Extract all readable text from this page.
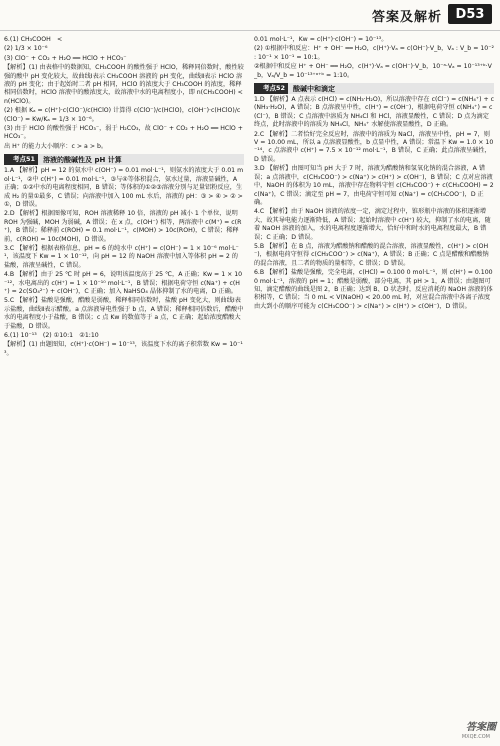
答案及解析	D53

6.(1) CH₃COOH　<　

(2) 1/3 × 10⁻⁶

(3) ClO⁻ + CO₂ + H₂O ══ HClO + HCO₃⁻

【解析】(1) 由表格中的数据知，CH₃COOH 的酸性强于 HClO，稀释同倍数时，酸性较强的酸中 pH 变化较大，故曲线Ⅰ表示 CH₃COOH 溶液的 pH 变化，曲线Ⅱ表示 HClO 溶液的 pH 变化；由于起始时二者 pH 相同，HClO 的浓度大于 CH₃COOH 的浓度，稀释相同倍数时，HClO 溶液中的酸浓度大，故溶液中水的电离程度小，即 n(CH₃COOH) < n(HClO)。

(2) 根据 Kₐ = c(H⁺)·c(ClO⁻)/c(HClO) 计算得 c(ClO⁻)/c(HClO)，c(OH⁻)·c(HClO)/c(ClO⁻) = Kw/Kₐ = 1/3 × 10⁻⁶。

(3) 由于 HClO 的酸性强于 HCO₃⁻，弱于 H₂CO₃，故 ClO⁻ + CO₂ + H₂O ══ HClO + HCO₃⁻。

出 H⁺ 的能力大小顺序：c > a > b。

考点51	溶液的酸碱性及 pH 计算

1.A 【解析】pH = 12 的氨水中 c(OH⁻) = 0.01 mol·L⁻¹，则氨水的浓度大于 0.01 mol·L⁻¹，②中 c(H⁺) = 0.01 mol·L⁻¹，③与④等体积混合，氨水过量，溶液显碱性，A 正确；①②中水的电离程度相同，B 错误；等体积的①②③溶液分别与足量铝粉反应，生成 H₂ 的量①最多，C 错误；向溶液中加入 100 mL 水后，溶液的 pH：③ > ④ > ② > ①，D 错误。

2.D 【解析】根据图像可知，ROH 溶液稀释 10 倍，溶液的 pH 减小 1 个单位，说明 ROH 为强碱，MOH 为弱碱，A 错误；在 x 点，c(OH⁻) 相等，两溶液中 c(M⁺) = c(R⁺)，B 错误；稀释前 c(ROH) = 0.1 mol·L⁻¹，c(MOH) > 10c(ROH)，C 错误；稀释前，c(ROH) = 10c(MOH)，D 错误。

3.C 【解析】根据表格信息，pH = 6 的纯水中 c(H⁺) = c(OH⁻) = 1 × 10⁻⁶ mol·L⁻¹，该温度下 Kw = 1 × 10⁻¹²，向 pH = 12 的 NaOH 溶液中加入等体积 pH = 2 的盐酸，溶液呈碱性，C 错误。

4.B 【解析】由于 25 ℃ 时 pH = 6，说明该温度高于 25 ℃，A 正确；Kw = 1 × 10⁻¹²，水电离出的 c(H⁺) = 1 × 10⁻¹⁰ mol·L⁻¹，B 错误；根据电荷守恒 c(Na⁺) + c(H⁺) = 2c(SO₄²⁻) + c(OH⁻)，C 正确；加入 NaHSO₄ 晶体抑制了水的电离，D 正确。

5.C 【解析】盐酸是强酸，醋酸是弱酸，稀释相同倍数时，盐酸 pH 变化大，则曲线Ⅰ表示盐酸，曲线Ⅱ表示醋酸。a 点溶液导电性强于 b 点，A 错误；稀释相同倍数后，醋酸中水的电离程度小于盐酸，B 错误；c 点 Kw 的数值等于 a 点，C 正确；起始浓度醋酸大于盐酸，D 错误。

6.(1) 10⁻¹³　(2) ①10:1　②1:10

【解析】(1) 由题图知，c(H⁺)·c(OH⁻) = 10⁻¹³，该温度下水的离子积常数 Kw = 10⁻¹³。

0.01 mol·L⁻¹，Kw = c(H⁺)·c(OH⁻) = 10⁻¹³。

(2) ①根据中和反应：H⁺ + OH⁻ ══ H₂O，c(H⁺)·Vₐ = c(OH⁻)·V_b，Vₐ : V_b = 10⁻² : 10⁻¹ × 10⁻¹ = 10:1。

②根据中和反应 H⁺ + OH⁻ ══ H₂O，c(H⁺)·Vₐ = c(OH⁻)·V_b，10⁻ᵃ·Vₐ = 10⁻¹³⁺ᵇ·V_b，Vₐ/V_b = 10⁻¹³⁺ᵃ⁺ᵇ = 1:10。

考点52	酸碱中和滴定

1.D 【解析】A 点表示 c(HCl) = c(NH₃·H₂O)，所以溶液中存在 c(Cl⁻) = c(NH₄⁺) + c(NH₃·H₂O)，A 错误；B 点溶液呈中性，c(H⁺) = c(OH⁻)，根据电荷守恒 c(NH₄⁺) = c(Cl⁻)，B 错误；C 点溶液中溶质为 NH₄Cl 和 HCl，溶液显酸性，C 错误；D 点为滴定终点，此时溶液中的溶质为 NH₄Cl，NH₄⁺ 水解使溶液显酸性，D 正确。

2.C 【解析】二者恰好完全反应时，溶液中的溶质为 NaCl，溶液呈中性，pH = 7，则 V = 10.00 mL，所以 a 点溶液显酸性，b 点显中性，A 错误；常温下 Kw = 1.0 × 10⁻¹⁴，c 点溶液中 c(H⁺) = 7.5 × 10⁻¹² mol·L⁻¹，B 错误，C 正确；此点溶液呈碱性，D 错误。

3.D 【解析】由图可知当 pH 大于 7 时，溶液为醋酸钠和氢氧化钠的混合溶液，A 错误；a 点溶液中，c(CH₃COO⁻) > c(Na⁺) > c(H⁺) > c(OH⁻)，B 错误；C 点对应溶液中，NaOH 的体积为 10 mL，溶液中存在物料守恒 c(CH₃COO⁻) + c(CH₃COOH) = 2c(Na⁺)，C 错误；滴定至 pH = 7，由电荷守恒可知 c(Na⁺) = c(CH₃COO⁻)，D 正确。

4.C 【解析】由于 NaOH 溶液的浓度一定，滴定过程中，锥形瓶中溶液的体积逐渐增大，故其导电能力逐渐降低，A 错误；起始时溶液中 c(H⁺) 较大，抑制了水的电离，随着 NaOH 溶液的加入，水的电离程度逐渐增大，恰好中和时水的电离程度最大，B 错误；C 正确；D 错误。

5.B 【解析】在 B 点，溶液为醋酸钠和醋酸的混合溶液，溶液显酸性，c(H⁺) > c(OH⁻)，根据电荷守恒得 c(CH₃COO⁻) > c(Na⁺)，A 错误；B 正确；C 点是醋酸和醋酸钠的混合溶液，且二者的物质的量相等，C 错误；D 错误。

6.B 【解析】盐酸是强酸，完全电离，c(HCl) = 0.100 0 mol·L⁻¹，则 c(H⁺) = 0.100 0 mol·L⁻¹，溶液的 pH = 1；醋酸是弱酸，部分电离，其 pH > 1，A 错误；由题图可知，滴定醋酸的曲线是图 2，B 正确；达到 B、D 状态时，反应消耗的 NaOH 溶液的体积相等，C 错误；当 0 mL < V(NaOH) < 20.00 mL 时，对应混合溶液中各离子浓度由大到小的顺序可能为 c(CH₃COO⁻) > c(Na⁺) > c(H⁺) > c(OH⁻)，D 错误。

答案圈
MXQE.COM
